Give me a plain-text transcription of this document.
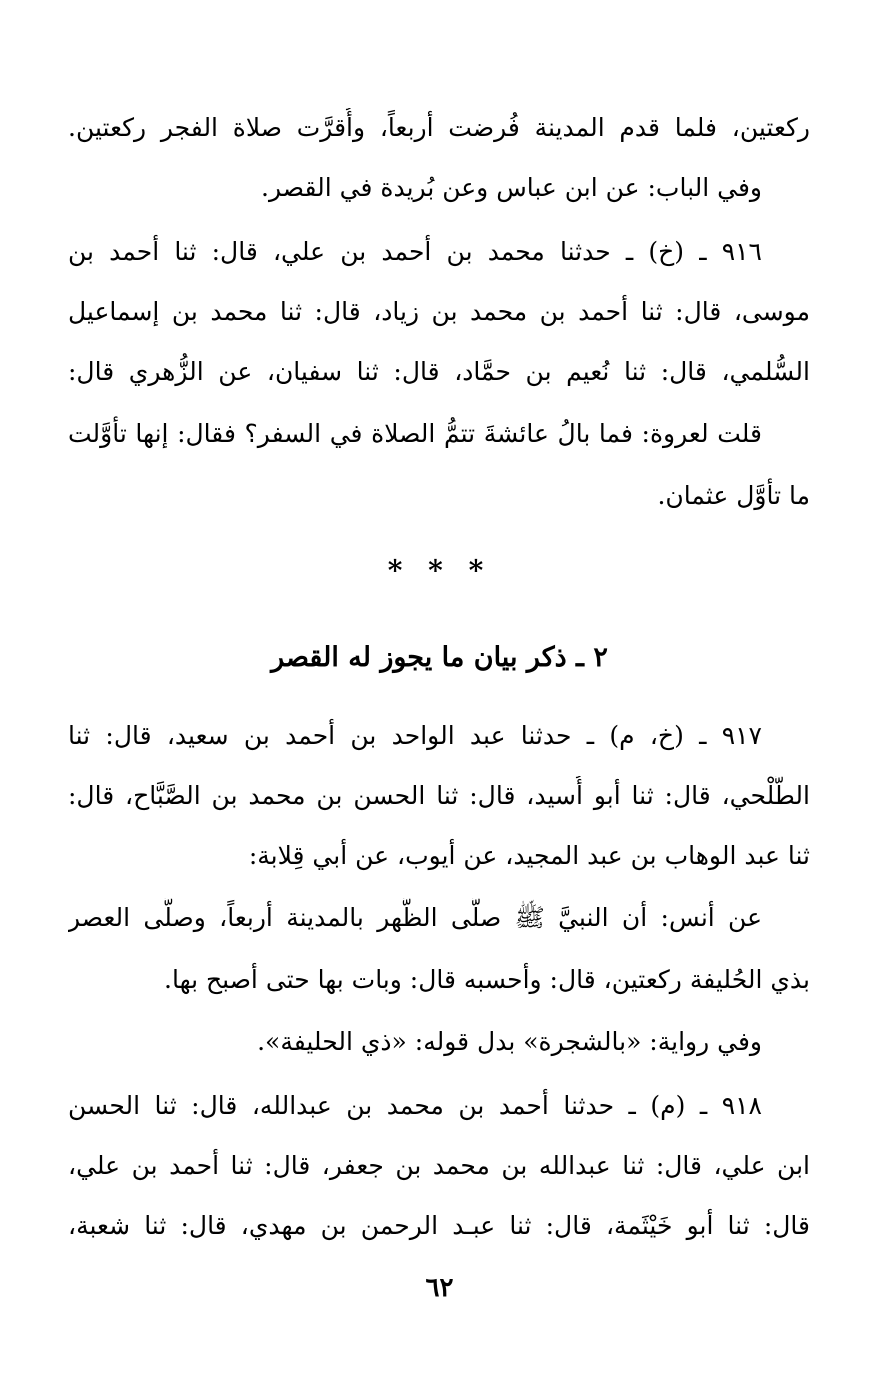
ركعتين، فلما قدم المدينة فُرضت أربعاً، وأُقرَّت صلاة الفجر ركعتين.
وفي الباب: عن ابن عباس وعن بُريدة في القصر.
٩١٦ ـ (خ) ـ حدثنا محمد بن أحمد بن علي، قال: ثنا أحمد بن
موسى، قال: ثنا أحمد بن محمد بن زياد، قال: ثنا محمد بن إسماعيل
السُّلمي، قال: ثنا نُعيم بن حمَّاد، قال: ثنا سفيان، عن الزُّهري قال:
قلت لعروة: فما بالُ عائشةَ تتمُّ الصلاة في السفر؟ فقال: إنها تأوَّلت
ما تأوَّل عثمان.
* * *
٢ ـ ذكر بيان ما يجوز له القصر
٩١٧ ـ (خ، م) ـ حدثنا عبد الواحد بن أحمد بن سعيد، قال: ثنا
الطَّلْحي، قال: ثنا أبو أُسيد، قال: ثنا الحسن بن محمد بن الصَّبَّاح، قال:
ثنا عبد الوهاب بن عبد المجيد، عن أيوب، عن أبي قِلابة:
عن أنس: أن النبيَّ ﷺ صلَّى الظُّهر بالمدينة أربعاً، وصلَّى العصر
بذي الحُليفة ركعتين، قال: وأحسبه قال: وبات بها حتى أصبح بها.
وفي رواية: «بالشجرة» بدل قوله: «ذي الحليفة».
٩١٨ ـ (م) ـ حدثنا أحمد بن محمد بن عبدالله، قال: ثنا الحسن
ابن علي، قال: ثنا عبدالله بن محمد بن جعفر، قال: ثنا أحمد بن علي،
قال: ثنا أبو خَيْثَمة، قال: ثنا عبـد الرحمن بن مهدي، قال: ثنا شعبة،
٦٢
